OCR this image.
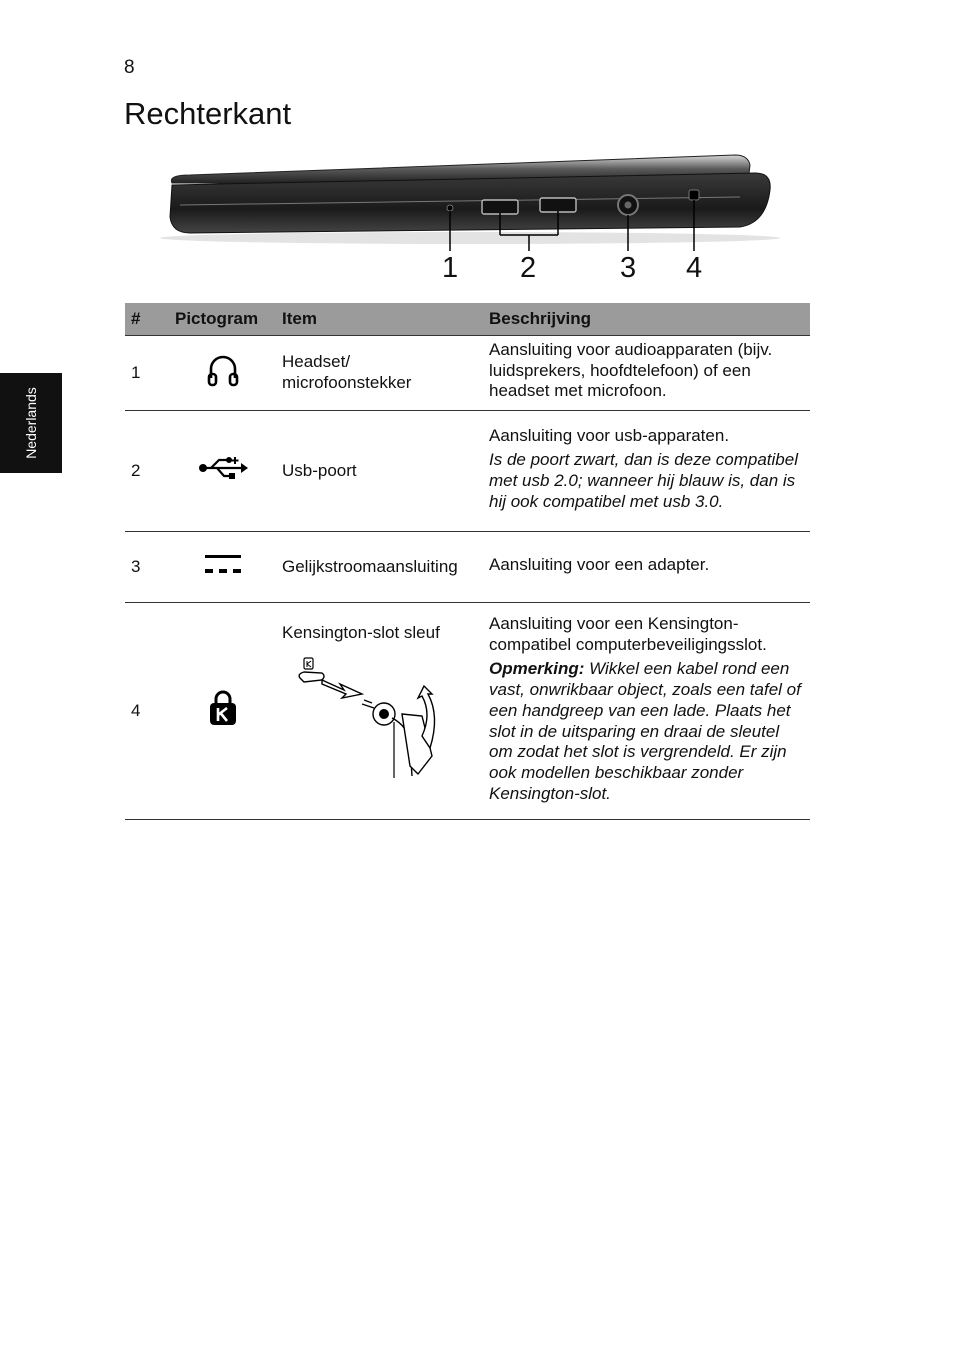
8
Rechterkant
Nederlands
1 2	3 4
#	Pictogram	Item	Beschrijving
1		Headset/ microfoonstekker	Aansluiting voor audioapparaten (bijv. luidsprekers, hoofdtelefoon) of een headset met microfoon.

2		Usb-poort	Aansluiting voor usb-apparaten.

Is de poort zwart, dan is deze compatibel met usb 2.0; wanneer hij blauw is, dan is hij ook compatibel met usb 3.0.

3		Gelijkstroomaansluiting	Aansluiting voor een adapter.

4		Kensington-slot sleuf	Aansluiting voor een Kensington-compatibel computerbeveiligingsslot.

Opmerking: Wikkel een kabel rond een vast, onwrikbaar object, zoals een tafel of een handgreep van een lade. Plaats het slot in de uitsparing en draai de sleutel om zodat het slot is vergrendeld. Er zijn ook modellen beschikbaar zonder Kensington-slot.
